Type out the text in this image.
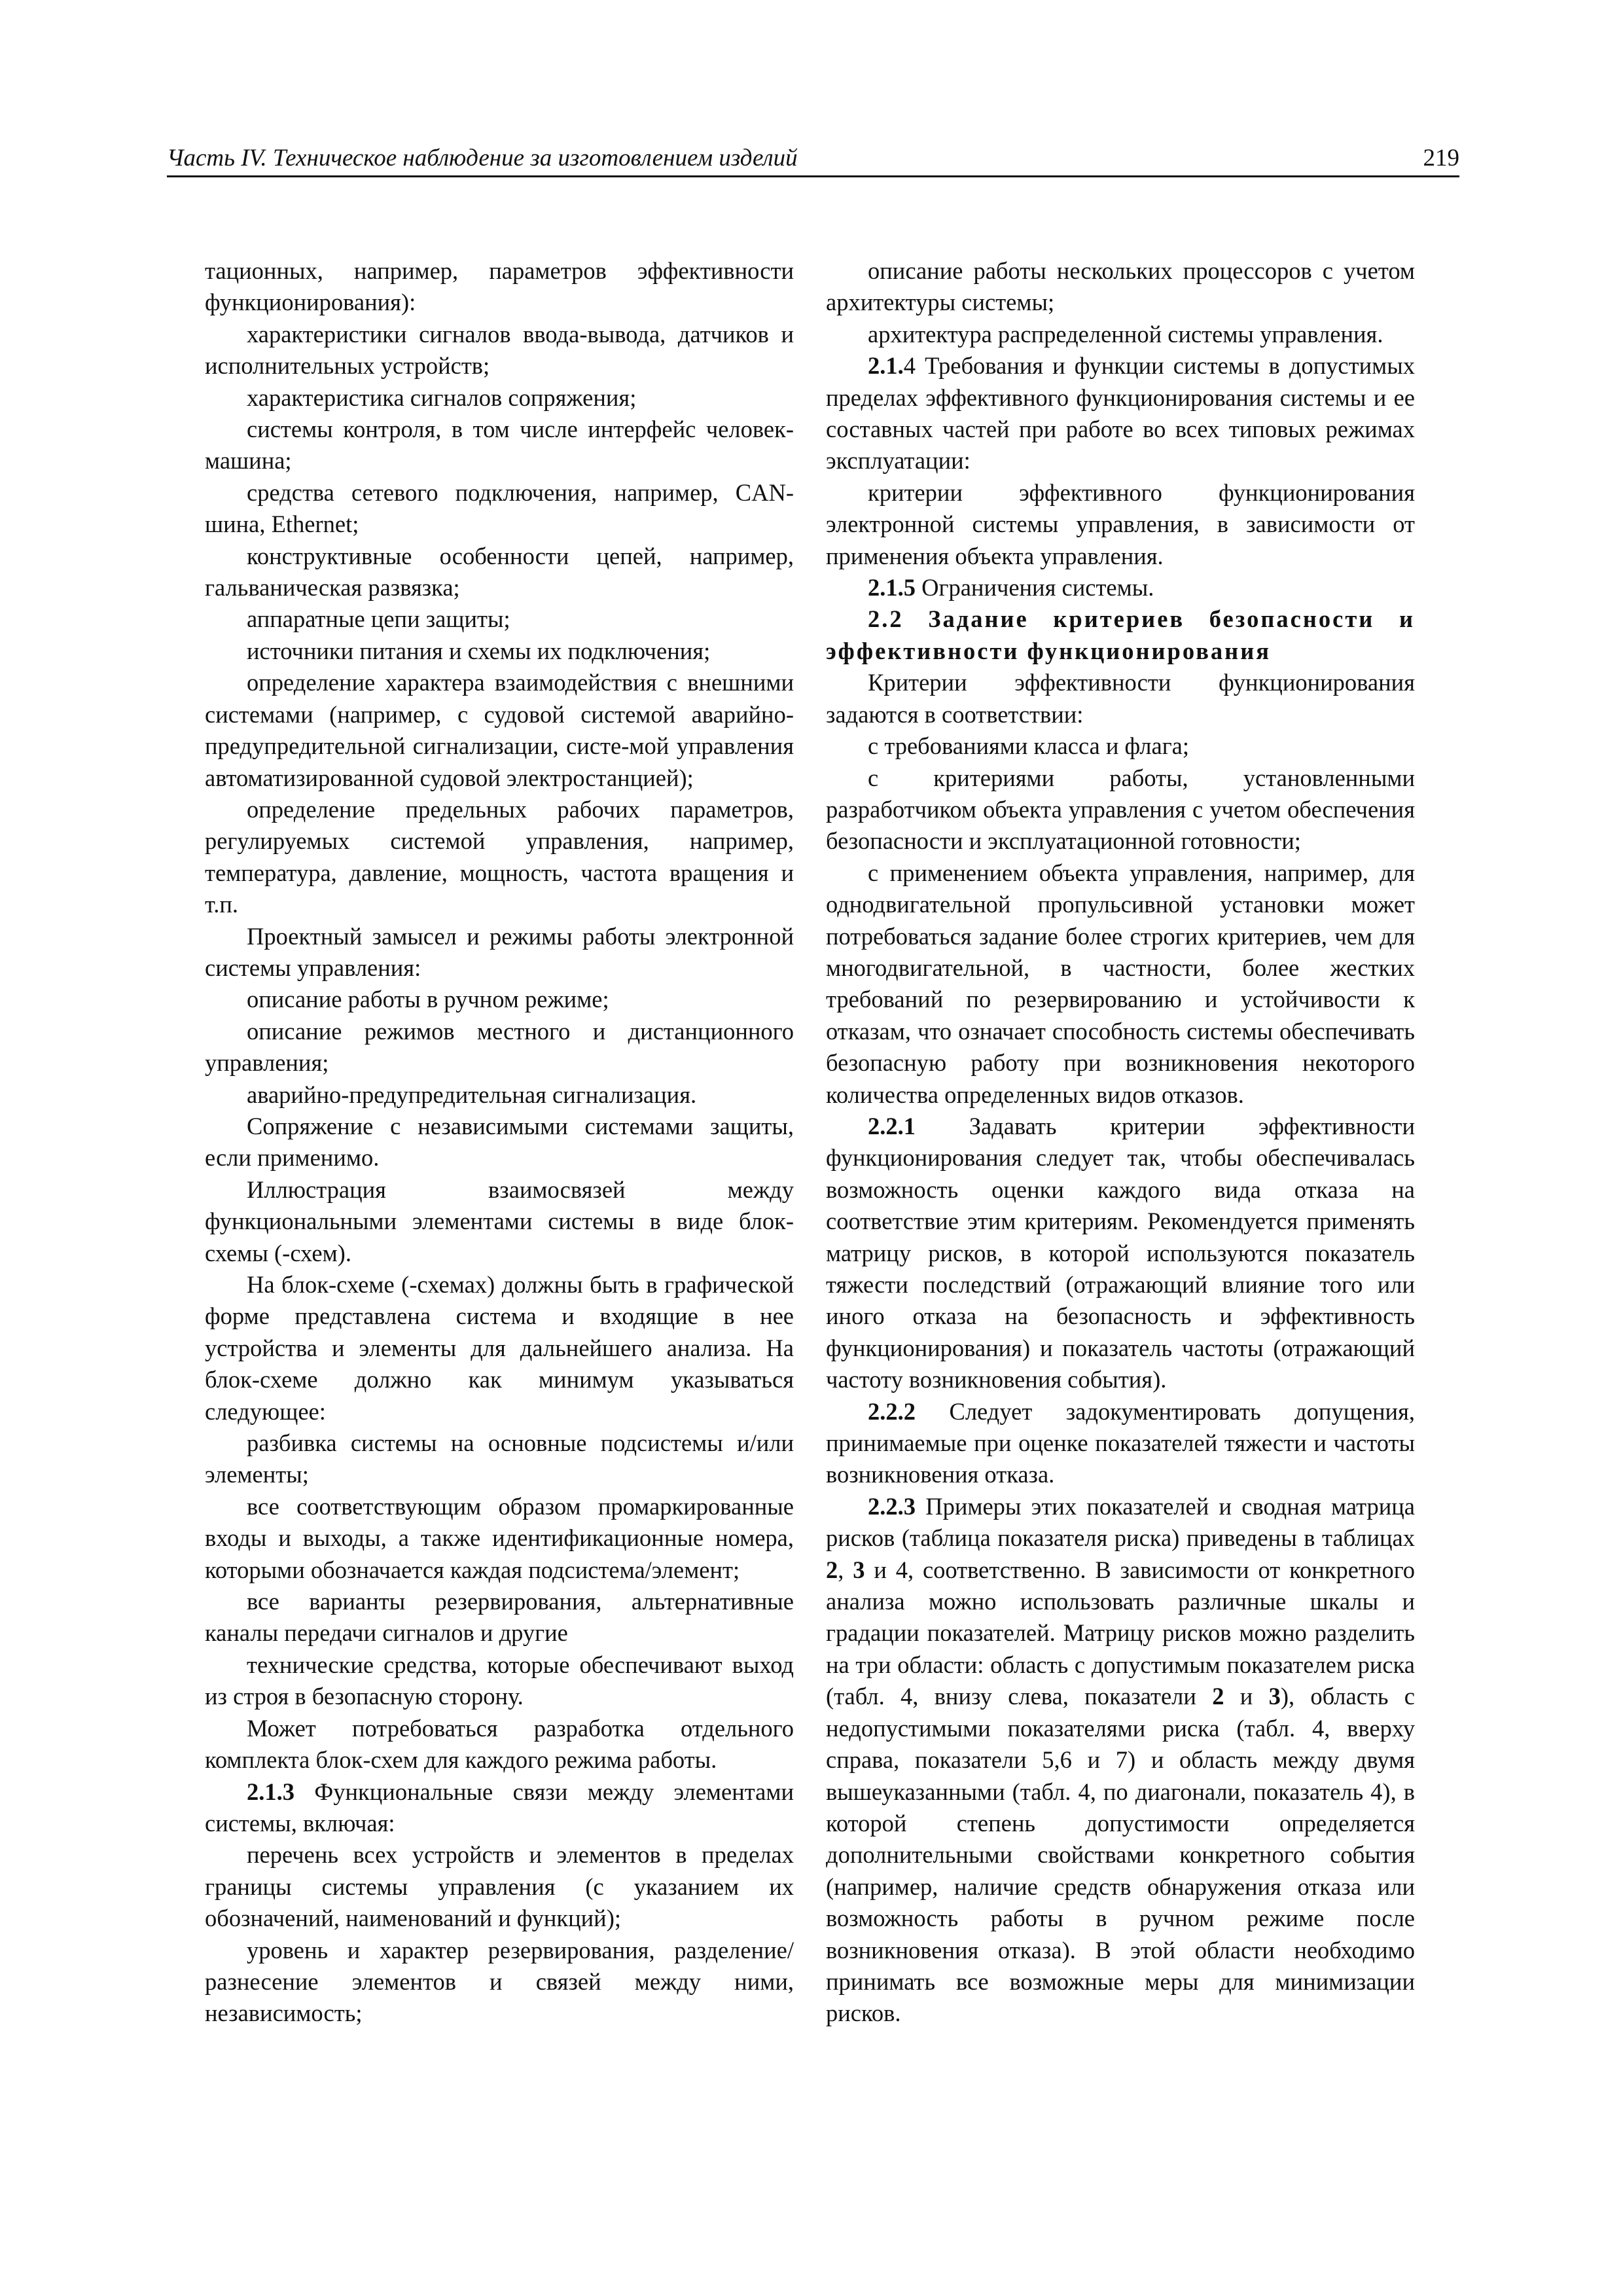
Часть IV. Техническое наблюдение за изготовлением изделий	219

тационных, например, параметров эффективности функционирования):

характеристики сигналов ввода-вывода, датчиков и исполнительных устройств;

характеристика сигналов сопряжения;

системы контроля, в том числе интерфейс человек-машина;

средства сетевого подключения, например, CAN-шина, Ethernet;

конструктивные особенности цепей, например, гальваническая развязка;

аппаратные цепи защиты;

источники питания и схемы их подключения;

определение характера взаимодействия с внешними системами (например, с судовой системой аварийно-предупредительной сигнализации, систе-мой управления автоматизированной судовой электростанцией);

определение предельных рабочих параметров, регулируемых системой управления, например, температура, давление, мощность, частота вращения и т.п.

Проектный замысел и режимы работы электронной системы управления:

описание работы в ручном режиме;

описание режимов местного и дистанционного управления;

аварийно-предупредительная сигнализация.

Сопряжение с независимыми системами защиты, если применимо.

Иллюстрация взаимосвязей между функциональными элементами системы в виде блок-схемы (-схем).

На блок-схеме (-схемах) должны быть в графической форме представлена система и входящие в нее устройства и элементы для дальнейшего анализа. На блок-схеме должно как минимум указываться следующее:

разбивка системы на основные подсистемы и/или элементы;

все соответствующим образом промаркированные входы и выходы, а также идентификационные номера, которыми обозначается каждая подсистема/элемент;

все варианты резервирования, альтернативные каналы передачи сигналов и другие

технические средства, которые обеспечивают выход из строя в безопасную сторону.

Может потребоваться разработка отдельного комплекта блок-схем для каждого режима работы.

2.1.3 Функциональные связи между элементами системы, включая:

перечень всех устройств и элементов в пределах границы системы управления (с указанием их обозначений, наименований и функций);

уровень и характер резервирования, разделение/ разнесение элементов и связей между ними, независимость;

описание работы нескольких процессоров с учетом архитектуры системы;

архитектура распределенной системы управления.

2.1.4 Требования и функции системы в допустимых пределах эффективного функционирования системы и ее составных частей при работе во всех типовых режимах эксплуатации:

критерии эффективного функционирования электронной системы управления, в зависимости от применения объекта управления.

2.1.5 Ограничения системы.

2.2 Задание критериев безопасности и эффективности функционирования

Критерии эффективности функционирования задаются в соответствии:

с требованиями класса и флага;

с критериями работы, установленными разработчиком объекта управления с учетом обеспечения безопасности и эксплуатационной готовности;

с применением объекта управления, например, для однодвигательной пропульсивной установки может потребоваться задание более строгих критериев, чем для многодвигательной, в частности, более жестких требований по резервированию и устойчивости к отказам, что означает способность системы обеспечивать безопасную работу при возникновения некоторого количества определенных видов отказов.

2.2.1 Задавать критерии эффективности функционирования следует так, чтобы обеспечивалась возможность оценки каждого вида отказа на соответствие этим критериям. Рекомендуется применять матрицу рисков, в которой используются показатель тяжести последствий (отражающий влияние того или иного отказа на безопасность и эффективность функционирования) и показатель частоты (отражающий частоту возникновения события).

2.2.2 Следует задокументировать допущения, принимаемые при оценке показателей тяжести и частоты возникновения отказа.

2.2.3 Примеры этих показателей и сводная матрица рисков (таблица показателя риска) приведены в таблицах 2, 3 и 4, соответственно. В зависимости от конкретного анализа можно использовать различные шкалы и градации показателей. Матрицу рисков можно разделить на три области: область с допустимым показателем риска (табл. 4, внизу слева, показатели 2 и 3), область с недопустимыми показателями риска (табл. 4, вверху справа, показатели 5,6 и 7) и область между двумя вышеуказанными (табл. 4, по диагонали, показатель 4), в которой степень допустимости определяется дополнительными свойствами конкретного события (например, наличие средств обнаружения отказа или возможность работы в ручном режиме после возникновения отказа). В этой области необходимо принимать все возможные меры для минимизации рисков.
